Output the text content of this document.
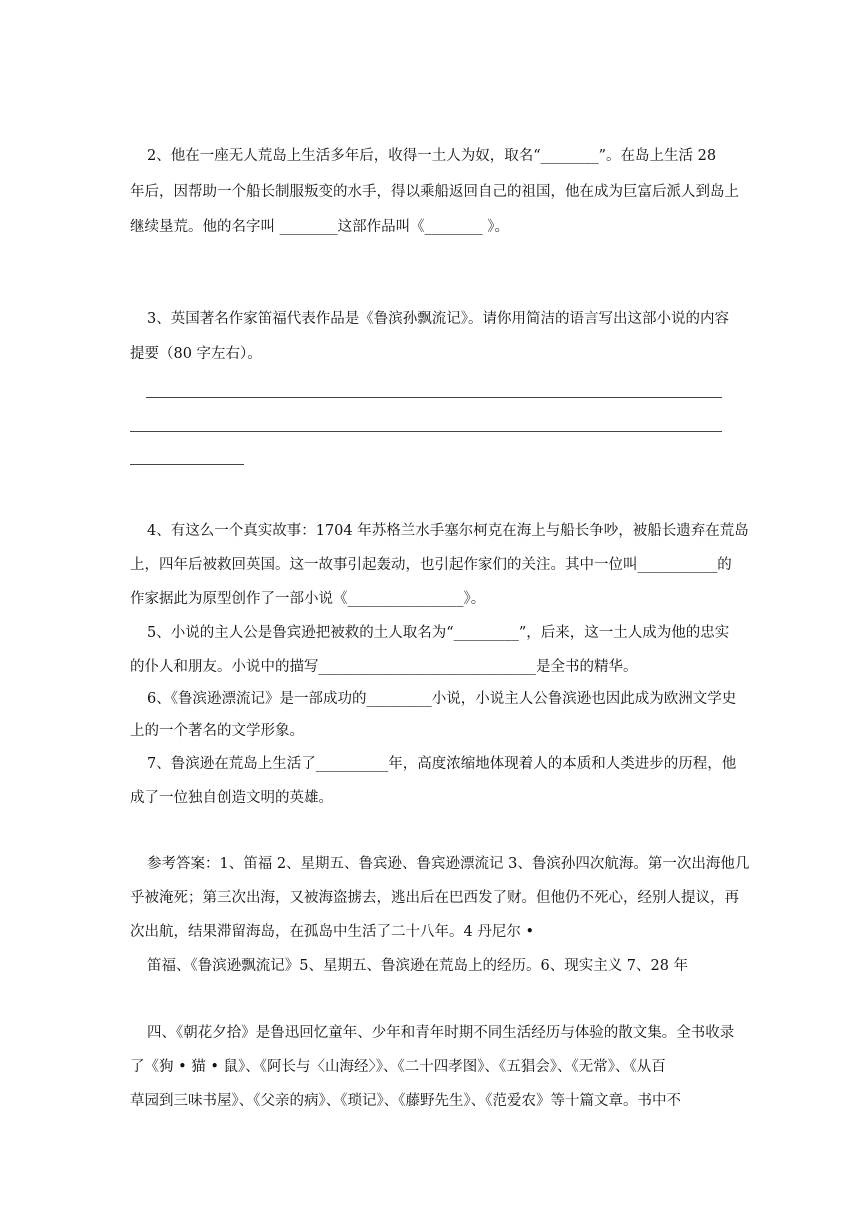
2、他在一座无人荒岛上生活多年后，收得一土人为奴，取名“________”。在岛上生活 28
年后，因帮助一个船长制服叛变的水手，得以乘船返回自己的祖国，他在成为巨富后派人到岛上
继续垦荒。他的名字叫 ________这部作品叫《________ 》。
3、英国著名作家笛福代表作品是《鲁滨孙飘流记》。请你用简洁的语言写出这部小说的内容
提要（80 字左右）。
4、有这么一个真实故事：1704 年苏格兰水手塞尔柯克在海上与船长争吵，被船长遗弃在荒岛
上，四年后被救回英国。这一故事引起轰动，也引起作家们的关注。其中一位叫___________的
作家据此为原型创作了一部小说《________________》。
5、小说的主人公是鲁宾逊把被救的土人取名为“_________”，后来，这一土人成为他的忠实
的仆人和朋友。小说中的描写______________________________是全书的精华。
6、《鲁滨逊漂流记》是一部成功的_________小说，小说主人公鲁滨逊也因此成为欧洲文学史
上的一个著名的文学形象。
7、鲁滨逊在荒岛上生活了__________年，高度浓缩地体现着人的本质和人类进步的历程，他
成了一位独自创造文明的英雄。
参考答案：1、笛福 2、星期五、鲁宾逊、鲁宾逊漂流记 3、鲁滨孙四次航海。第一次出海他几
乎被淹死；第三次出海，又被海盗掳去，逃出后在巴西发了财。但他仍不死心，经别人提议，再
次出航，结果滞留海岛，在孤岛中生活了二十八年。4 丹尼尔 •
笛福、《鲁滨逊飘流记》5、星期五、鲁滨逊在荒岛上的经历。6、现实主义 7、28 年
四、《朝花夕拾》是鲁迅回忆童年、少年和青年时期不同生活经历与体验的散文集。全书收录
了《狗 • 猫 • 鼠》、《阿长与〈山海经〉》、《二十四孝图》、《五猖会》、《无常》、《从百
草园到三味书屋》、《父亲的病》、《琐记》、《藤野先生》、《范爱农》等十篇文章。书中不
